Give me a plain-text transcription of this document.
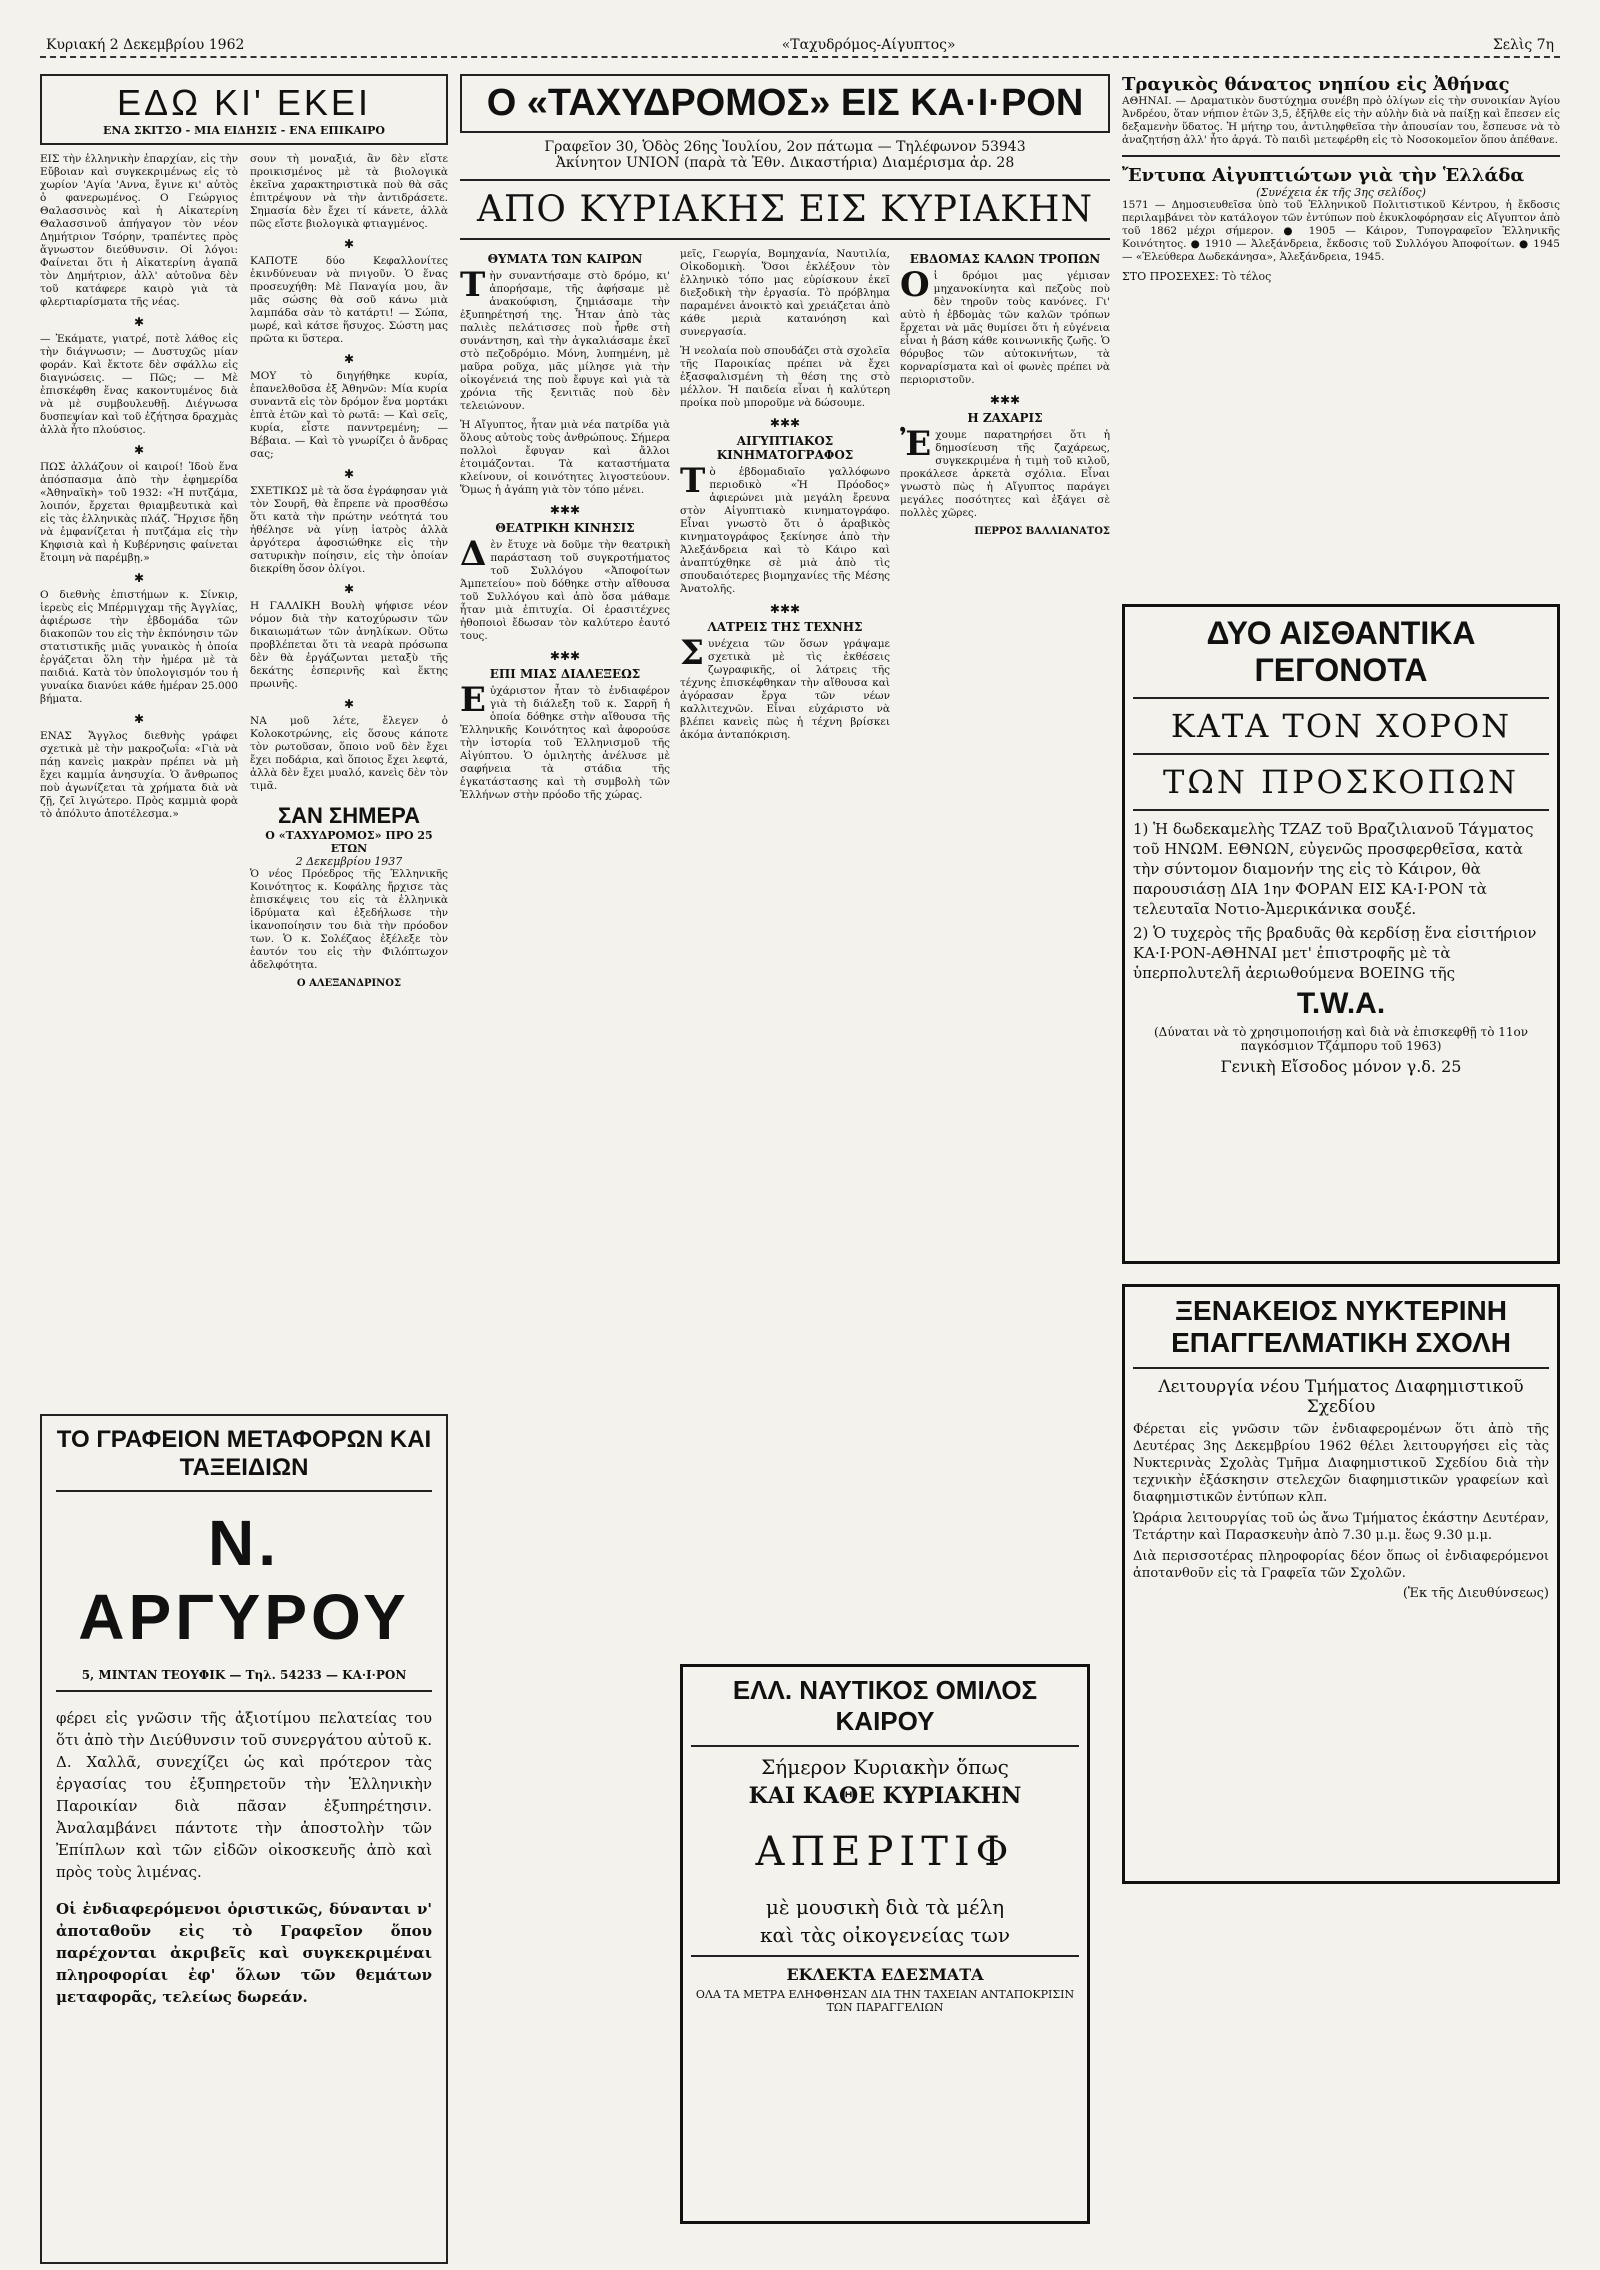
Κυριακή 2 Δεκεμβρίου 1962	«Ταχυδρόμος-Αίγυπτος»	Σελὶς 7η
ΕΔΩ ΚΙ' ΕΚΕΙ
ΕΝΑ ΣΚΙΤΣΟ - ΜΙΑ ΕΙΔΗΣΙΣ - ΕΝΑ ΕΠΙΚΑΙΡΟ

ΕΙΣ τὴν ἑλληνικὴν ἐπαρχίαν, εἰς τὴν Εὔβοιαν καὶ συγκεκριμένως εἰς τὸ χωρίον 'Αγία 'Αννα, ἔγινε κι' αὐτὸς ὁ φανερωμένος. Ο Γεώργιος Θαλασσινὸς καὶ ἡ Αἰκατερίνη Θαλασσινοῦ ἀπήγαγον τὸν νέον Δημήτριον Τσόρην, τραπέντες πρὸς ἄγνωστον διεύθυνσιν. Οἱ λόγοι: Φαίνεται ὅτι ἡ Αἰκατερίνη ἀγαπᾶ τὸν Δημήτριον, ἀλλ' αὐτοῦνα δὲν τοῦ κατάφερε καιρὸ γιὰ τὰ φλερτιαρίσματα τῆς νέας.

✱

— Ἐκάματε, γιατρέ, ποτὲ λάθος εἰς τὴν διάγνωσιν; — Δυστυχῶς μίαν φοράν. Καὶ ἔκτοτε δὲν σφάλλω εἰς διαγνώσεις. — Πῶς; — Μὲ ἐπισκέφθη ἕνας κακοντυμένος διὰ νὰ μὲ συμβουλευθῇ. Διέγνωσα δυσπεψίαν καὶ τοῦ ἐζήτησα δραχμὰς ἀλλὰ ἦτο πλούσιος.

✱

ΠΩΣ ἀλλάζουν οἱ καιροί! Ἰδοὺ ἕνα ἀπόσπασμα ἀπὸ τὴν ἐφημερίδα «Ἀθηναϊκὴ» τοῦ 1932: «Ἡ πυτζάμα, λοιπόν, ἔρχεται θριαμβευτικὰ καὶ εἰς τὰς ἑλληνικὰς πλάζ. Ἤρχισε ἤδη νὰ ἐμφανίζεται ἡ πυτζάμα εἰς τὴν Κηφισιὰ καὶ ἡ Κυβέρνησις φαίνεται ἔτοιμη νὰ παρέμβῃ.»

✱

Ο διεθνὴς ἐπιστήμων κ. Σίνκιρ, ἱερεὺς εἰς Μπέρμιγχαμ τῆς Ἀγγλίας, ἀφιέρωσε τὴν ἑβδομάδα τῶν διακοπῶν του εἰς τὴν ἐκπόνησιν τῶν στατιστικῆς μιᾶς γυναικὸς ἡ ὁποία ἐργάζεται ὅλη τὴν ἡμέρα μὲ τὰ παιδιά. Κατὰ τὸν ὑπολογισμόν του ἡ γυναίκα διανύει κάθε ἡμέραν 25.000 βήματα.

✱

ΕΝΑΣ Ἄγγλος διεθνὴς γράφει σχετικὰ μὲ τὴν μακροζωΐα: «Γιὰ νὰ πάῃ κανεὶς μακρὰν πρέπει νὰ μὴ ἔχει καμμία ἀνησυχία. Ὁ ἄνθρωπος ποὺ ἀγωνίζεται τὰ χρήματα διὰ νὰ ζῇ, ζεῖ λιγώτερο. Πρὸς καμμιὰ φορὰ τὸ ἀπόλυτο ἀποτέλεσμα.»

σουν τὴ μοναξιά, ἂν δὲν εἴστε προικισμένος μὲ τὰ βιολογικὰ ἐκεῖνα χαρακτηριστικὰ ποὺ θὰ σᾶς ἐπιτρέψουν νὰ τὴν ἀντιδράσετε. Σημασία δὲν ἔχει τί κάνετε, ἀλλὰ πῶς εἴστε βιολογικὰ φτιαγμένος.

✱

ΚΑΠΟΤΕ δύο Κεφαλλονίτες ἐκινδύνευαν νὰ πνιγοῦν. Ὁ ἕνας προσευχήθη: Μὲ Παναγία μου, ἂν μᾶς σώσης θὰ σοῦ κάνω μιὰ λαμπάδα σὰν τὸ κατάρτι! — Σώπα, μωρέ, καὶ κάτσε ἥσυχος. Σώστη μας πρῶτα κι ὕστερα.

✱

ΜΟΥ τὸ διηγήθηκε κυρία, ἐπανελθοῦσα ἐξ Ἀθηνῶν: Μία κυρία συναντᾶ εἰς τὸν δρόμον ἕνα μορτάκι ἑπτὰ ἐτῶν καὶ τὸ ρωτᾶ: — Καὶ σεῖς, κυρία, εἶστε πανντρεμένη; — Βέβαια. — Καὶ τὸ γνωρίζει ὁ ἄνδρας σας;

✱

ΣΧΕΤΙΚΩΣ μὲ τὰ ὅσα ἐγράφησαν γιὰ τὸν Σουρῆ, θὰ ἔπρεπε νὰ προσθέσω ὅτι κατὰ τὴν πρώτην νεότητά του ἠθέλησε νὰ γίνῃ ἰατρὸς ἀλλὰ ἀργότερα ἀφοσιώθηκε εἰς τὴν σατυρικὴν ποίησιν, εἰς τὴν ὁποίαν διεκρίθη ὅσον ὀλίγοι.

✱

Η ΓΑΛΛΙΚΗ Βουλὴ ψήφισε νέον νόμον διὰ τὴν κατοχύρωσιν τῶν δικαιωμάτων τῶν ἀνηλίκων. Οὕτω προβλέπεται ὅτι τὰ νεαρὰ πρόσωπα δὲν θὰ ἐργάζωνται μεταξὺ τῆς δεκάτης ἑσπερινῆς καὶ ἕκτης πρωινῆς.

✱

ΝΑ μοῦ λέτε, ἔλεγεν ὁ Κολοκοτρώνης, εἰς ὅσους κάποτε τὸν ρωτοῦσαν, ὅποιο νοῦ δὲν ἔχει ἔχει ποδάρια, καὶ ὅποιος ἔχει λεφτά, ἀλλὰ δὲν ἔχει μυαλό, κανεὶς δὲν τὸν τιμᾶ.

ΣΑΝ ΣΗΜΕΡΑ
Ο «ΤΑΧΥΔΡΟΜΟΣ» ΠΡΟ 25 ΕΤΩΝ
2 Δεκεμβρίου 1937

Ὁ νέος Πρόεδρος τῆς Ἑλληνικῆς Κοινότητος κ. Κοφάλης ἤρχισε τὰς ἐπισκέψεις του εἰς τὰ ἑλληνικὰ ἱδρύματα καὶ ἐξεδήλωσε τὴν ἱκανοποίησιν του διὰ τὴν πρόοδον των. Ὁ κ. Σολέζαος ἐξέλεξε τὸν ἑαυτόν του εἰς τὴν Φιλόπτωχον ἀδελφότητα.

Ο ΑΛΕΞΑΝΔΡΙΝΟΣ
ΤΟ ΓΡΑΦΕΙΟΝ ΜΕΤΑΦΟΡΩΝ ΚΑΙ ΤΑΞΕΙΔΙΩΝ
Ν. ΑΡΓΥΡΟΥ
5, ΜΙΝΤΑΝ ΤΕΟΥΦΙΚ — Τηλ. 54233 — ΚΑ·Ι·ΡΟΝ

φέρει εἰς γνῶσιν τῆς ἀξιοτίμου πελατείας του ὅτι ἀπὸ τὴν Διεύθυνσιν τοῦ συνεργάτου αὐτοῦ κ. Δ. Χαλλᾶ, συνεχίζει ὡς καὶ πρότερον τὰς ἐργασίας του ἐξυπηρετοῦν τὴν Ἑλληνικὴν Παροικίαν διὰ πᾶσαν ἐξυπηρέτησιν. Ἀναλαμβάνει πάντοτε τὴν ἀποστολὴν τῶν Ἐπίπλων καὶ τῶν εἰδῶν οἰκοσκευῆς ἀπὸ καὶ πρὸς τοὺς λιμένας.

Οἱ ἐνδιαφερόμενοι ὁριστικῶς, δύνανται ν' ἀποταθοῦν εἰς τὸ Γραφεῖον ὅπου παρέχονται ἀκριβεῖς καὶ συγκεκριμέναι πληροφορίαι ἐφ' ὅλων τῶν θεμάτων μεταφορᾶς, τελείως δωρεάν.

Ο «ΤΑΧΥΔΡΟΜΟΣ» ΕΙΣ ΚΑ·Ι·ΡΟΝ
Γραφεῖον 30, Ὁδὸς 26ης Ἰουλίου, 2ον πάτωμα — Τηλέφωνον 53943
Ἀκίνητον UNION (παρὰ τὰ Ἐθν. Δικαστήρια) Διαμέρισμα ἀρ. 28
ΑΠΟ ΚΥΡΙΑΚΗΣ ΕΙΣ ΚΥΡΙΑΚΗΝ
ΘΥΜΑΤΑ ΤΩΝ ΚΑΙΡΩΝ

Τὴν συναντήσαμε στὸ δρόμο, κι' ἀπορήσαμε, τῆς ἀφήσαμε μὲ ἀνακούφιση, ζημιάσαμε τὴν ἐξυπηρέτησή της. Ἦταν ἀπὸ τὰς παλιὲς πελάτισσες ποὺ ἦρθε στὴ συνάντηση, καὶ τὴν ἀγκαλιάσαμε ἐκεῖ στὸ πεζοδρόμιο. Μόνη, λυπημένη, μὲ μαῦρα ροῦχα, μᾶς μίλησε γιὰ τὴν οἰκογένειά της ποὺ ἔφυγε καὶ γιὰ τὰ χρόνια τῆς ξενιτιᾶς ποὺ δὲν τελειώνουν.

Ἡ Αἴγυπτος, ἦταν μιὰ νέα πατρίδα γιὰ ὅλους αὐτοὺς τοὺς ἀνθρώπους. Σήμερα πολλοὶ ἔφυγαν καὶ ἄλλοι ἑτοιμάζονται. Τὰ καταστήματα κλείνουν, οἱ κοινότητες λιγοστεύουν. Ὅμως ἡ ἀγάπη γιὰ τὸν τόπο μένει.

✱✱✱
ΘΕΑΤΡΙΚΗ ΚΙΝΗΣΙΣ

Δὲν ἔτυχε νὰ δοῦμε τὴν θεατρικὴ παράσταση τοῦ συγκροτήματος τοῦ Συλλόγου «Ἀποφοίτων Ἀμπετείου» ποὺ δόθηκε στὴν αἴθουσα τοῦ Συλλόγου καὶ ἀπὸ ὅσα μάθαμε ἦταν μιὰ ἐπιτυχία. Οἱ ἐρασιτέχνες ἠθοποιοὶ ἔδωσαν τὸν καλύτερο ἑαυτό τους.

✱✱✱
ΕΠΙ ΜΙΑΣ ΔΙΑΛΕΞΕΩΣ

Εὐχάριστον ἦταν τὸ ἐνδιαφέρον γιὰ τὴ διάλεξη τοῦ κ. Σαρρῆ ἡ ὁποία δόθηκε στὴν αἴθουσα τῆς Ἑλληνικῆς Κοινότητος καὶ ἀφορούσε τὴν ἱστορία τοῦ Ἑλληνισμοῦ τῆς Αἰγύπτου. Ὁ ὁμιλητὴς ἀνέλυσε μὲ σαφήνεια τὰ στάδια τῆς ἐγκατάστασης καὶ τὴ συμβολὴ τῶν Ἑλλήνων στὴν πρόοδο τῆς χώρας.

μεῖς, Γεωργία, Βομηχανία, Ναυτιλία, Οἰκοδομικὴ. Ὅσοι ἐκλέξουν τὸν ἑλληνικὸ τόπο μας εὑρίσκουν ἐκεῖ διεξοδικὴ τὴν ἐργασία. Τὸ πρόβλημα παραμένει ἀνοικτὸ καὶ χρειάζεται ἀπὸ κάθε μεριὰ κατανόηση καὶ συνεργασία.

Ἡ νεολαία ποὺ σπουδάζει στὰ σχολεῖα τῆς Παροικίας πρέπει νὰ ἔχει ἐξασφαλισμένη τὴ θέση της στὸ μέλλον. Ἡ παιδεία εἶναι ἡ καλύτερη προίκα ποὺ μποροῦμε νὰ δώσουμε.

✱✱✱
ΑΙΓΥΠΤΙΑΚΟΣ ΚΙΝΗΜΑΤΟΓΡΑΦΟΣ

Τὸ ἑβδομαδιαῖο γαλλόφωνο περιοδικὸ «Ἡ Πρόοδος» ἀφιερώνει μιὰ μεγάλη ἔρευνα στὸν Αἰγυπτιακὸ κινηματογράφο. Εἶναι γνωστὸ ὅτι ὁ ἀραβικὸς κινηματογράφος ξεκίνησε ἀπὸ τὴν Ἀλεξάνδρεια καὶ τὸ Κάιρο καὶ ἀναπτύχθηκε σὲ μιὰ ἀπὸ τὶς σπουδαιότερες βιομηχανίες τῆς Μέσης Ἀνατολῆς.

✱✱✱
ΛΑΤΡΕΙΣ ΤΗΣ ΤΕΧΝΗΣ

Συνέχεια τῶν ὅσων γράψαμε σχετικὰ μὲ τὶς ἐκθέσεις ζωγραφικῆς, οἱ λάτρεις τῆς τέχνης ἐπισκέφθηκαν τὴν αἴθουσα καὶ ἀγόρασαν ἔργα τῶν νέων καλλιτεχνῶν. Εἶναι εὐχάριστο νὰ βλέπει κανεὶς πὼς ἡ τέχνη βρίσκει ἀκόμα ἀνταπόκριση.

ΕΒΔΟΜΑΣ ΚΑΛΩΝ ΤΡΟΠΩΝ

Οἱ δρόμοι μας γέμισαν μηχανοκίνητα καὶ πεζοὺς ποὺ δὲν τηροῦν τοὺς κανόνες. Γι' αὐτὸ ἡ ἑβδομὰς τῶν καλῶν τρόπων ἔρχεται νὰ μᾶς θυμίσει ὅτι ἡ εὐγένεια εἶναι ἡ βάση κάθε κοινωνικῆς ζωῆς. Ὁ θόρυβος τῶν αὐτοκινήτων, τὰ κορναρίσματα καὶ οἱ φωνὲς πρέπει νὰ περιοριστοῦν.

✱✱✱
Η ΖΑΧΑΡΙΣ

Ἐχουμε παρατηρήσει ὅτι ἡ δημοσίευση τῆς ζαχάρεως, συγκεκριμένα ἡ τιμὴ τοῦ κιλοῦ, προκάλεσε ἀρκετὰ σχόλια. Εἶναι γνωστὸ πὼς ἡ Αἴγυπτος παράγει μεγάλες ποσότητες καὶ ἐξάγει σὲ πολλὲς χῶρες.

ΠΕΡΡΟΣ ΒΑΛΛΙΑΝΑΤΟΣ
ΕΛΛ. ΝΑΥΤΙΚΟΣ ΟΜΙΛΟΣ ΚΑΙΡΟΥ

Σήμερον Κυριακὴν ὅπως

ΚΑΙ ΚΑΘΕ ΚΥΡΙΑΚΗΝ

ΑΠΕΡΙΤΙΦ

μὲ μουσικὴ διὰ τὰ μέλη

καὶ τὰς οἰκογενείας των

ΕΚΛΕΚΤΑ ΕΔΕΣΜΑΤΑ

ΟΛΑ ΤΑ ΜΕΤΡΑ ΕΛΗΦΘΗΣΑΝ ΔΙΑ ΤΗΝ ΤΑΧΕΙΑΝ ΑΝΤΑΠΟΚΡΙΣΙΝ ΤΩΝ ΠΑΡΑΓΓΕΛΙΩΝ

Τραγικὸς θάνατος νηπίου εἰς Ἀθήνας

ΑΘΗΝΑΙ. — Δραματικὸν δυστύχημα συνέβη πρὸ ὀλίγων εἰς τὴν συνοικίαν Ἀγίου Ἀνδρέου, ὅταν νήπιον ἐτῶν 3,5, ἐξῆλθε εἰς τὴν αὐλὴν διὰ νὰ παίξῃ καὶ ἔπεσεν εἰς δεξαμενὴν ὕδατος. Ἡ μήτηρ του, ἀντιληφθεῖσα τὴν ἀπουσίαν του, ἔσπευσε νὰ τὸ ἀναζητήσῃ ἀλλ' ἦτο ἀργά. Τὸ παιδὶ μετεφέρθη εἰς τὸ Νοσοκομεῖον ὅπου ἀπέθανε.

Ἔντυπα Αἰγυπτιώτων γιὰ τὴν Ἑλλάδα
(Συνέχεια ἐκ τῆς 3ης σελίδος)

1571 — Δημοσιευθεῖσα ὑπὸ τοῦ Ἑλληνικοῦ Πολιτιστικοῦ Κέντρου, ἡ ἔκδοσις περιλαμβάνει τὸν κατάλογον τῶν ἐντύπων ποὺ ἐκυκλοφόρησαν εἰς Αἴγυπτον ἀπὸ τοῦ 1862 μέχρι σήμερον. ● 1905 — Κάιρον, Τυπογραφεῖον Ἑλληνικῆς Κοινότητος. ● 1910 — Ἀλεξάνδρεια, ἔκδοσις τοῦ Συλλόγου Ἀποφοίτων. ● 1945 — «Ἐλεύθερα Δωδεκάνησα», Ἀλεξάνδρεια, 1945.

ΣΤΟ ΠΡΟΣΕΧΕΣ: Τὸ τέλος
ΔΥΟ ΑΙΣΘΑΝΤΙΚΑ ΓΕΓΟΝΟΤΑ
ΚΑΤΑ ΤΟΝ ΧΟΡΟΝ
ΤΩΝ ΠΡΟΣΚΟΠΩΝ

1) Ἡ δωδεκαμελὴς ΤΖΑΖ τοῦ Βραζιλιανοῦ Τάγματος τοῦ ΗΝΩΜ. ΕΘΝΩΝ, εὐγενῶς προσφερθεῖσα, κατὰ τὴν σύντομον διαμονήν της εἰς τὸ Κάιρον, θὰ παρουσιάσῃ ΔΙΑ 1ην ΦΟΡΑΝ ΕΙΣ ΚΑ·Ι·ΡΟΝ τὰ τελευταῖα Νοτιο-Ἀμερικάνικα σουξέ.

2) Ὁ τυχερὸς τῆς βραδυᾶς θὰ κερδίσῃ ἕνα εἰσιτήριον ΚΑ·Ι·ΡΟΝ-ΑΘΗΝΑΙ μετ' ἐπιστροφῆς μὲ τὰ ὑπερπολυτελῆ ἀεριωθούμενα BOEING τῆς

T.W.A.

(Δύναται νὰ τὸ χρησιμοποιήσῃ καὶ διὰ νὰ ἐπισκεφθῇ τὸ 11ον παγκόσμιον Τζάμπορυ τοῦ 1963)

Γενικὴ Εἴσοδος μόνον γ.δ. 25

ΞΕΝΑΚΕΙΟΣ ΝΥΚΤΕΡΙΝΗ
ΕΠΑΓΓΕΛΜΑΤΙΚΗ ΣΧΟΛΗ

Λειτουργία νέου Τμήματος Διαφημιστικοῦ Σχεδίου

Φέρεται εἰς γνῶσιν τῶν ἐνδιαφερομένων ὅτι ἀπὸ τῆς Δευτέρας 3ης Δεκεμβρίου 1962 θέλει λειτουργήσει εἰς τὰς Νυκτερινὰς Σχολὰς Τμῆμα Διαφημιστικοῦ Σχεδίου διὰ τὴν τεχνικὴν ἐξάσκησιν στελεχῶν διαφημιστικῶν γραφείων καὶ διαφημιστικῶν ἐντύπων κλπ.

Ὡράρια λειτουργίας τοῦ ὡς ἄνω Τμήματος ἑκάστην Δευτέραν, Τετάρτην καὶ Παρασκευὴν ἀπὸ 7.30 μ.μ. ἕως 9.30 μ.μ.

Διὰ περισσοτέρας πληροφορίας δέον ὅπως οἱ ἐνδιαφερόμενοι ἀποτανθοῦν εἰς τὰ Γραφεῖα τῶν Σχολῶν.

(Ἐκ τῆς Διευθύνσεως)
